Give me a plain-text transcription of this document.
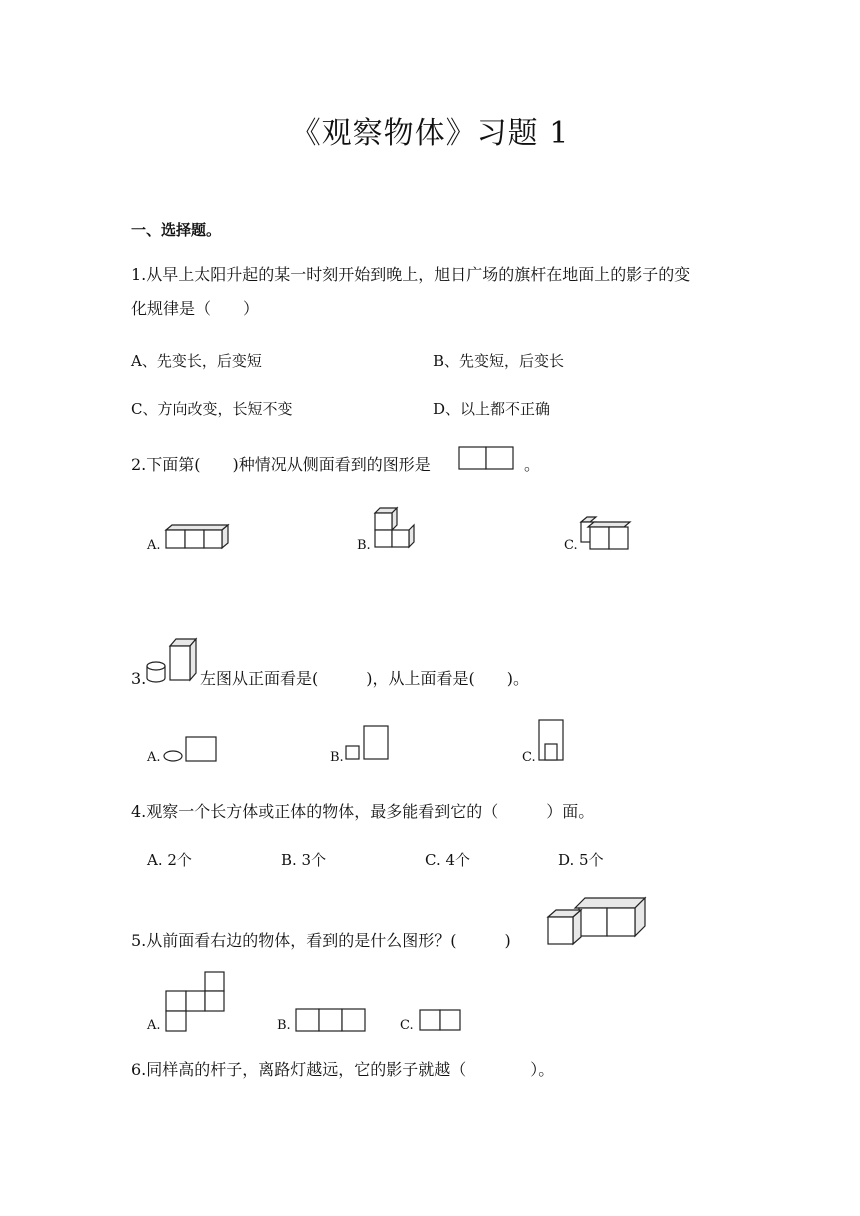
《观察物体》习题 1
一、选择题。
1.从早上太阳升起的某一时刻开始到晚上，旭日广场的旗杆在地面上的影子的变
化规律是（　　）
A、先变长，后变短	B、先变短，后变长
C、方向改变，长短不变	D、以上都不正确
2.下面第(　　)种情况从侧面看到的图形是	。
A.	B.	C.
3.	左图从正面看是(　　　)，从上面看是(　　)。
A.	B.	C.
4.观察一个长方体或正体的物体，最多能看到它的（　　　）面。
A. 2个	B. 3个	C. 4个	D. 5个
5.从前面看右边的物体，看到的是什么图形？(　　　)
A.	B.	C.
6.同样高的杆子，离路灯越远，它的影子就越（　　　　）。
